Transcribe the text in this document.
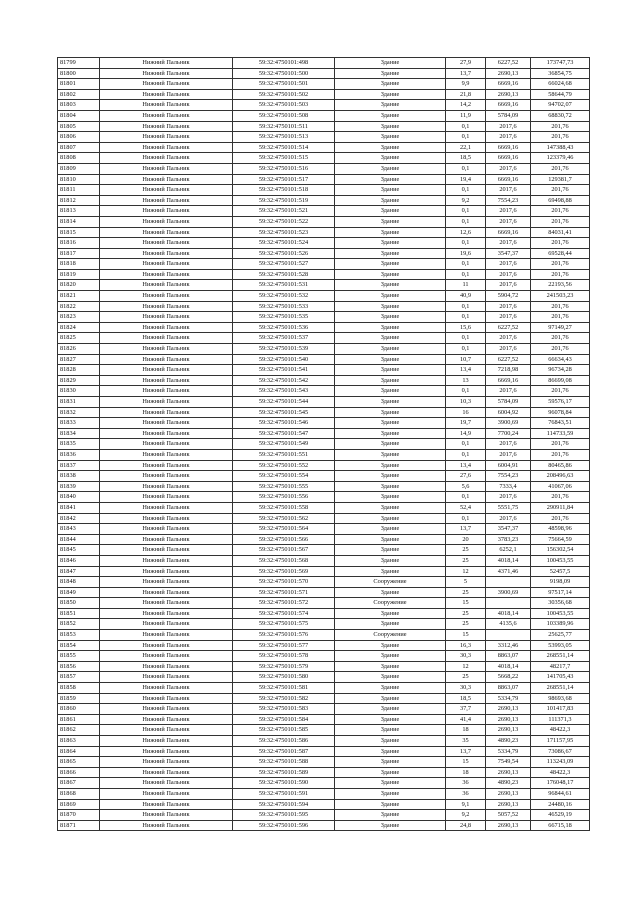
81799	Нижний Пальник	59:32:4750101:498	Здание	27,9	6227,52	173747,73
81800	Нижний Пальник	59:32:4750101:500	Здание	13,7	2690,13	36854,75
81801	Нижний Пальник	59:32:4750101:501	Здание	9,9	6669,16	66024,68
81802	Нижний Пальник	59:32:4750101:502	Здание	21,8	2690,13	58644,79
81803	Нижний Пальник	59:32:4750101:503	Здание	14,2	6669,16	94702,07
81804	Нижний Пальник	59:32:4750101:508	Здание	11,9	5784,09	68830,72
81805	Нижний Пальник	59:32:4750101:511	Здание	0,1	2017,6	201,76
81806	Нижний Пальник	59:32:4750101:513	Здание	0,1	2017,6	201,76
81807	Нижний Пальник	59:32:4750101:514	Здание	22,1	6669,16	147388,43
81808	Нижний Пальник	59:32:4750101:515	Здание	18,5	6669,16	123379,46
81809	Нижний Пальник	59:32:4750101:516	Здание	0,1	2017,6	201,76
81810	Нижний Пальник	59:32:4750101:517	Здание	19,4	6669,16	129381,7
81811	Нижний Пальник	59:32:4750101:518	Здание	0,1	2017,6	201,76
81812	Нижний Пальник	59:32:4750101:519	Здание	9,2	7554,23	69498,88
81813	Нижний Пальник	59:32:4750101:521	Здание	0,1	2017,6	201,76
81814	Нижний Пальник	59:32:4750101:522	Здание	0,1	2017,6	201,76
81815	Нижний Пальник	59:32:4750101:523	Здание	12,6	6669,16	84031,41
81816	Нижний Пальник	59:32:4750101:524	Здание	0,1	2017,6	201,76
81817	Нижний Пальник	59:32:4750101:526	Здание	19,6	3547,37	69528,44
81818	Нижний Пальник	59:32:4750101:527	Здание	0,1	2017,6	201,76
81819	Нижний Пальник	59:32:4750101:528	Здание	0,1	2017,6	201,76
81820	Нижний Пальник	59:32:4750101:531	Здание	11	2017,6	22193,56
81821	Нижний Пальник	59:32:4750101:532	Здание	40,9	5904,72	241503,23
81822	Нижний Пальник	59:32:4750101:533	Здание	0,1	2017,6	201,76
81823	Нижний Пальник	59:32:4750101:535	Здание	0,1	2017,6	201,76
81824	Нижний Пальник	59:32:4750101:536	Здание	15,6	6227,52	97149,27
81825	Нижний Пальник	59:32:4750101:537	Здание	0,1	2017,6	201,76
81826	Нижний Пальник	59:32:4750101:539	Здание	0,1	2017,6	201,76
81827	Нижний Пальник	59:32:4750101:540	Здание	10,7	6227,52	66634,43
81828	Нижний Пальник	59:32:4750101:541	Здание	13,4	7218,98	96734,28
81829	Нижний Пальник	59:32:4750101:542	Здание	13	6669,16	86699,08
81830	Нижний Пальник	59:32:4750101:543	Здание	0,1	2017,6	201,76
81831	Нижний Пальник	59:32:4750101:544	Здание	10,3	5784,09	59576,17
81832	Нижний Пальник	59:32:4750101:545	Здание	16	6004,92	96078,84
81833	Нижний Пальник	59:32:4750101:546	Здание	19,7	3900,69	76843,51
81834	Нижний Пальник	59:32:4750101:547	Здание	14,9	7700,24	114733,59
81835	Нижний Пальник	59:32:4750101:549	Здание	0,1	2017,6	201,76
81836	Нижний Пальник	59:32:4750101:551	Здание	0,1	2017,6	201,76
81837	Нижний Пальник	59:32:4750101:552	Здание	13,4	6004,91	80465,86
81838	Нижний Пальник	59:32:4750101:554	Здание	27,6	7554,23	208496,63
81839	Нижний Пальник	59:32:4750101:555	Здание	5,6	7333,4	41067,06
81840	Нижний Пальник	59:32:4750101:556	Здание	0,1	2017,6	201,76
81841	Нижний Пальник	59:32:4750101:558	Здание	52,4	5551,75	290911,84
81842	Нижний Пальник	59:32:4750101:562	Здание	0,1	2017,6	201,76
81843	Нижний Пальник	59:32:4750101:564	Здание	13,7	3547,37	48598,96
81844	Нижний Пальник	59:32:4750101:566	Здание	20	3783,23	75664,59
81845	Нижний Пальник	59:32:4750101:567	Здание	25	6252,1	156302,54
81846	Нижний Пальник	59:32:4750101:568	Здание	25	4018,14	100453,55
81847	Нижний Пальник	59:32:4750101:569	Здание	12	4371,46	52457,5
81848	Нижний Пальник	59:32:4750101:570	Сооружение	5		9198,09
81849	Нижний Пальник	59:32:4750101:571	Здание	25	3900,69	97517,14
81850	Нижний Пальник	59:32:4750101:572	Сооружение	15		30356,68
81851	Нижний Пальник	59:32:4750101:574	Здание	25	4018,14	100453,55
81852	Нижний Пальник	59:32:4750101:575	Здание	25	4135,6	103389,96
81853	Нижний Пальник	59:32:4750101:576	Сооружение	15		25625,77
81854	Нижний Пальник	59:32:4750101:577	Здание	16,3	3312,46	53993,05
81855	Нижний Пальник	59:32:4750101:578	Здание	30,3	8863,07	268551,14
81856	Нижний Пальник	59:32:4750101:579	Здание	12	4018,14	48217,7
81857	Нижний Пальник	59:32:4750101:580	Здание	25	5668,22	141705,43
81858	Нижний Пальник	59:32:4750101:581	Здание	30,3	8863,07	268551,14
81859	Нижний Пальник	59:32:4750101:582	Здание	18,5	5334,79	98693,68
81860	Нижний Пальник	59:32:4750101:583	Здание	37,7	2690,13	101417,83
81861	Нижний Пальник	59:32:4750101:584	Здание	41,4	2690,13	111371,3
81862	Нижний Пальник	59:32:4750101:585	Здание	18	2690,13	48422,3
81863	Нижний Пальник	59:32:4750101:586	Здание	35	4890,23	171157,95
81864	Нижний Пальник	59:32:4750101:587	Здание	13,7	5334,79	73086,67
81865	Нижний Пальник	59:32:4750101:588	Здание	15	7549,54	113243,09
81866	Нижний Пальник	59:32:4750101:589	Здание	18	2690,13	48422,3
81867	Нижний Пальник	59:32:4750101:590	Здание	36	4890,23	176048,17
81868	Нижний Пальник	59:32:4750101:591	Здание	36	2690,13	96844,61
81869	Нижний Пальник	59:32:4750101:594	Здание	9,1	2690,13	24480,16
81870	Нижний Пальник	59:32:4750101:595	Здание	9,2	5057,52	46529,19
81871	Нижний Пальник	59:32:4750101:596	Здание	24,8	2690,13	66715,18
